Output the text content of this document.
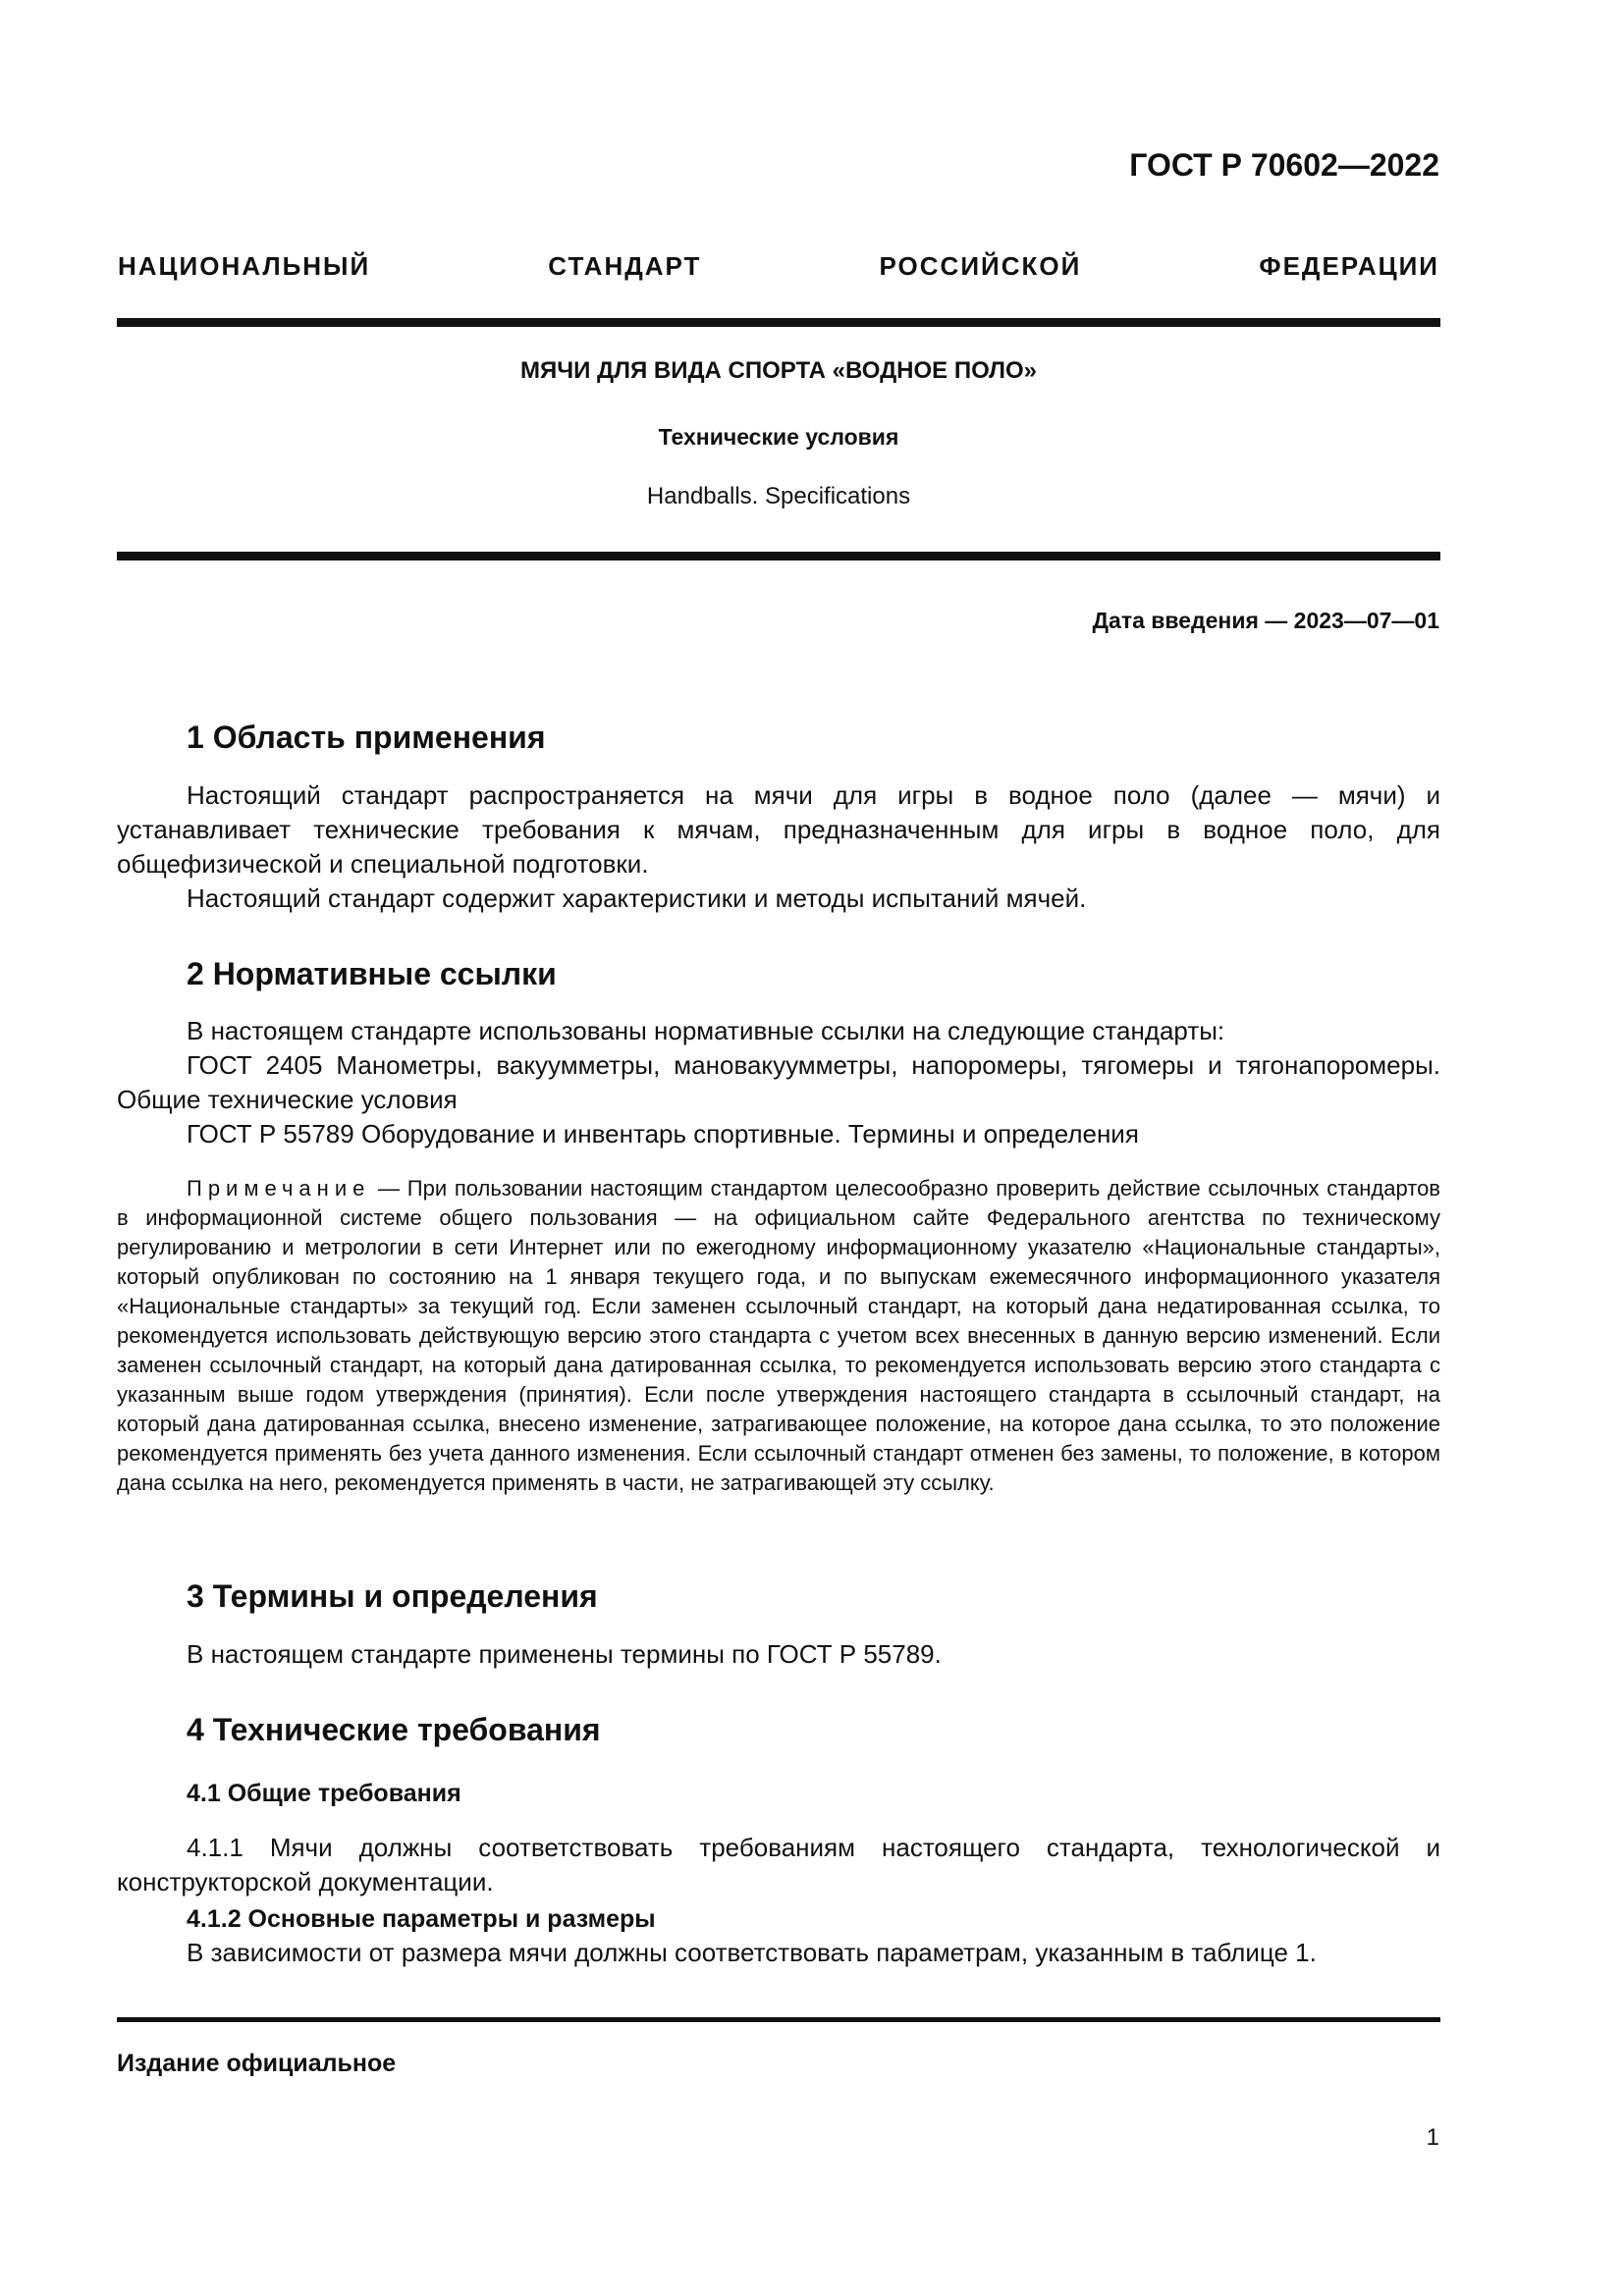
ГОСТ Р 70602—2022
НАЦИОНАЛЬНЫЙ СТАНДАРТ РОССИЙСКОЙ ФЕДЕРАЦИИ
МЯЧИ ДЛЯ ВИДА СПОРТА «ВОДНОЕ ПОЛО»
Технические условия
Handballs. Specifications
Дата введения — 2023—07—01
1 Область применения

Настоящий стандарт распространяется на мячи для игры в водное поло (далее — мячи) и устанавливает технические требования к мячам, предназначенным для игры в водное поло, для общефизической и специальной подготовки.

Настоящий стандарт содержит характеристики и методы испытаний мячей.

2 Нормативные ссылки

В настоящем стандарте использованы нормативные ссылки на следующие стандарты:

ГОСТ 2405 Манометры, вакуумметры, мановакуумметры, напоромеры, тягомеры и тягонапоромеры. Общие технические условия

ГОСТ Р 55789 Оборудование и инвентарь спортивные. Термины и определения

Примечание — При пользовании настоящим стандартом целесообразно проверить действие ссылочных стандартов в информационной системе общего пользования — на официальном сайте Федерального агентства по техническому регулированию и метрологии в сети Интернет или по ежегодному информационному указателю «Национальные стандарты», который опубликован по состоянию на 1 января текущего года, и по выпускам ежемесячного информационного указателя «Национальные стандарты» за текущий год. Если заменен ссылочный стандарт, на который дана недатированная ссылка, то рекомендуется использовать действующую версию этого стандарта с учетом всех внесенных в данную версию изменений. Если заменен ссылочный стандарт, на который дана датированная ссылка, то рекомендуется использовать версию этого стандарта с указанным выше годом утверждения (принятия). Если после утверждения настоящего стандарта в ссылочный стандарт, на который дана датированная ссылка, внесено изменение, затрагивающее положение, на которое дана ссылка, то это положение рекомендуется применять без учета данного изменения. Если ссылочный стандарт отменен без замены, то положение, в котором дана ссылка на него, рекомендуется применять в части, не затрагивающей эту ссылку.

3 Термины и определения

В настоящем стандарте применены термины по ГОСТ Р 55789.

4 Технические требования
4.1 Общие требования

4.1.1 Мячи должны соответствовать требованиям настоящего стандарта, технологической и конструкторской документации.

4.1.2 Основные параметры и размеры

В зависимости от размера мячи должны соответствовать параметрам, указанным в таблице 1.

Издание официальное
1
